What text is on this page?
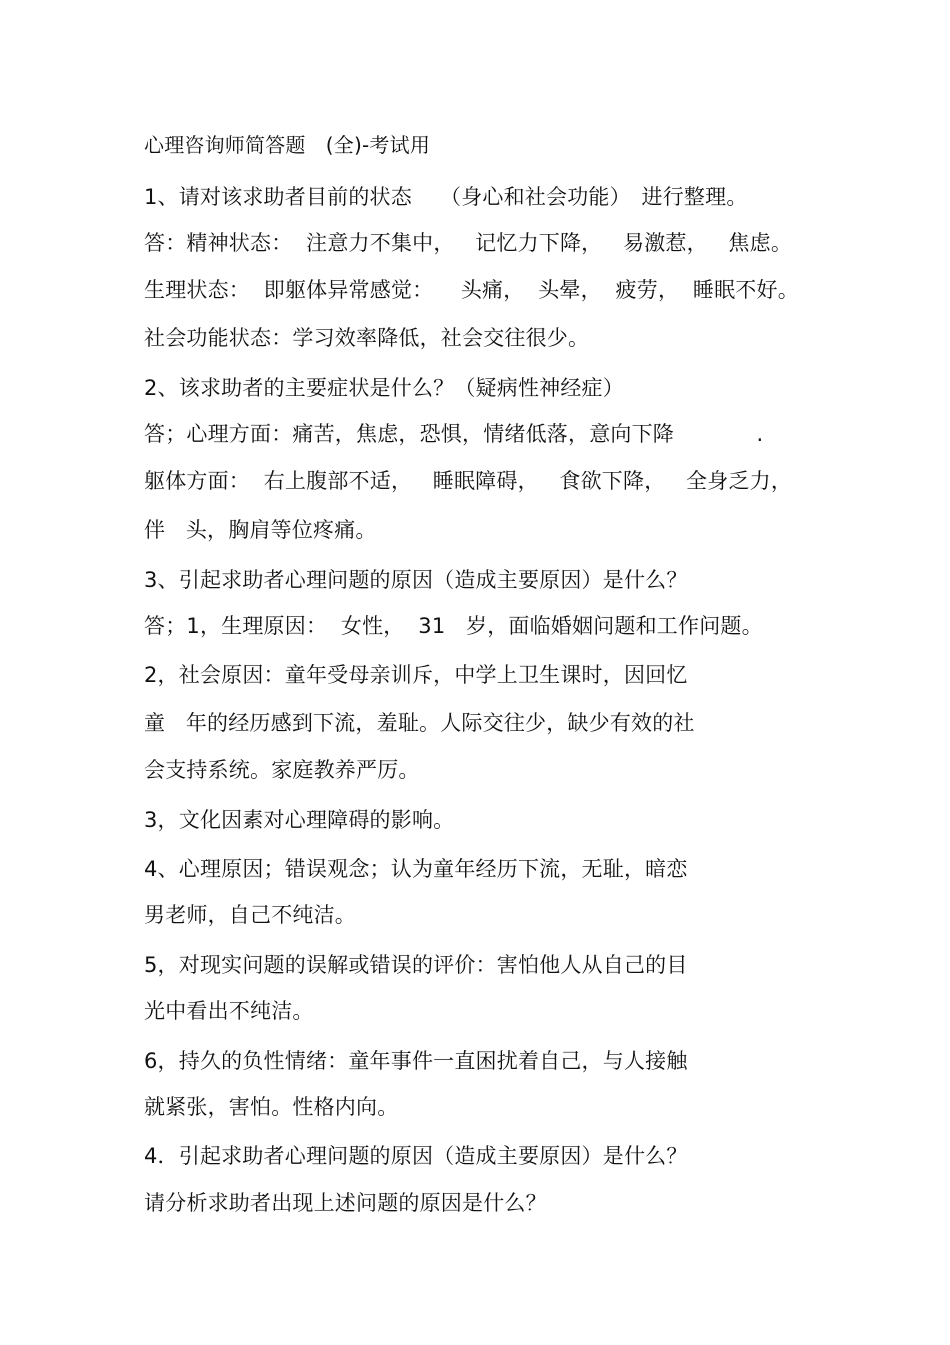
心理咨询师简答题　(全)-考试用
1、请对该求助者目前的状态　 （身心和社会功能）　进行整理。
答：精神状态：  注意力不集中，   记忆力下降，   易激惹，   焦虑。
生理状态：  即躯体异常感觉：    头痛，  头晕，  疲劳，  睡眠不好。
社会功能状态：学习效率降低，社会交往很少。
2、该求助者的主要症状是什么？（疑病性神经症）
答；心理方面：痛苦，焦虑，恐惧，情绪低落，意向下降            .
躯体方面：  右上腹部不适，   睡眠障碍，   食欲下降，   全身乏力，
伴   头，胸肩等位疼痛。
3、引起求助者心理问题的原因（造成主要原因）是什么？
答；1，生理原因：  女性，  31   岁，面临婚姻问题和工作问题。
2，社会原因：童年受母亲训斥，中学上卫生课时，因回忆
童   年的经历感到下流，羞耻。人际交往少，缺少有效的社
会支持系统。家庭教养严厉。
3，文化因素对心理障碍的影响。
4、心理原因；错误观念；认为童年经历下流，无耻，暗恋
男老师，自己不纯洁。
5，对现实问题的误解或错误的评价：害怕他人从自己的目
光中看出不纯洁。
6，持久的负性情绪：童年事件一直困扰着自己，与人接触
就紧张，害怕。性格内向。
4．引起求助者心理问题的原因（造成主要原因）是什么？
请分析求助者出现上述问题的原因是什么？
